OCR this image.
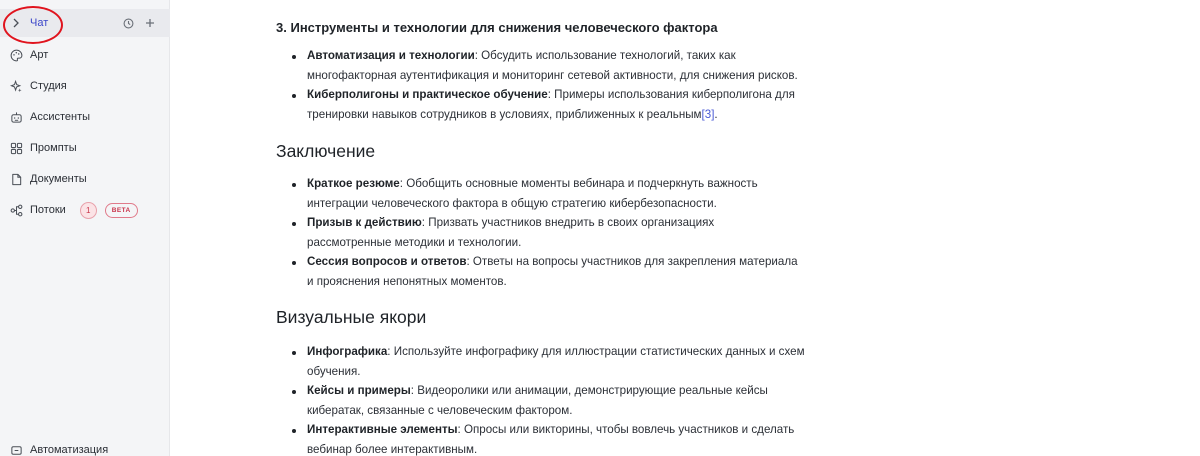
Чат
Арт
Студия
Ассистенты
Промпты
Документы
Потоки	1	BETA
Автоматизация
3. Инструменты и технологии для снижения человеческого фактора
Автоматизация и технологии: Обсудить использование технологий, таких как
многофакторная аутентификация и мониторинг сетевой активности, для снижения рисков.
Киберполигоны и практическое обучение: Примеры использования киберполигона для
тренировки навыков сотрудников в условиях, приближенных к реальным[3].
Заключение
Краткое резюме: Обобщить основные моменты вебинара и подчеркнуть важность
интеграции человеческого фактора в общую стратегию кибербезопасности.
Призыв к действию: Призвать участников внедрить в своих организациях
рассмотренные методики и технологии.
Сессия вопросов и ответов: Ответы на вопросы участников для закрепления материала
и прояснения непонятных моментов.
Визуальные якори
Инфографика: Используйте инфографику для иллюстрации статистических данных и схем
обучения.
Кейсы и примеры: Видеоролики или анимации, демонстрирующие реальные кейсы
кибератак, связанные с человеческим фактором.
Интерактивные элементы: Опросы или викторины, чтобы вовлечь участников и сделать
вебинар более интерактивным.
